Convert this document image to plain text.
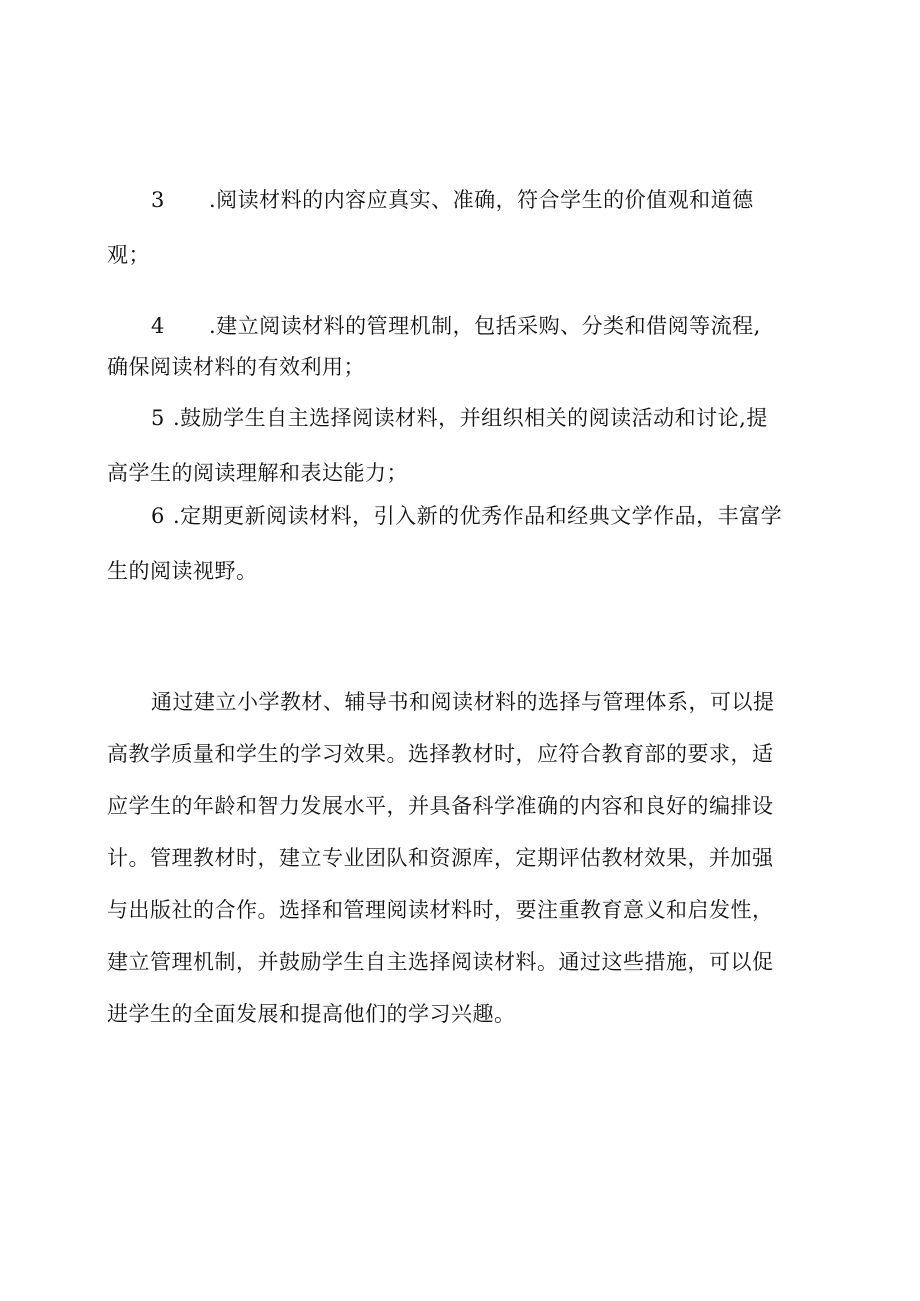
3 .阅读材料的内容应真实、准确，符合学生的价值观和道德
观；
4 .建立阅读材料的管理机制，包括采购、分类和借阅等流程,
确保阅读材料的有效利用；
5 .鼓励学生自主选择阅读材料，并组织相关的阅读活动和讨论,提
高学生的阅读理解和表达能力；
6 .定期更新阅读材料，引入新的优秀作品和经典文学作品，丰富学
生的阅读视野。
通过建立小学教材、辅导书和阅读材料的选择与管理体系，可以提
高教学质量和学生的学习效果。选择教材时，应符合教育部的要求，适
应学生的年龄和智力发展水平，并具备科学准确的内容和良好的编排设
计。管理教材时，建立专业团队和资源库，定期评估教材效果，并加强
与出版社的合作。选择和管理阅读材料时，要注重教育意义和启发性，
建立管理机制，并鼓励学生自主选择阅读材料。通过这些措施，可以促
进学生的全面发展和提高他们的学习兴趣。
